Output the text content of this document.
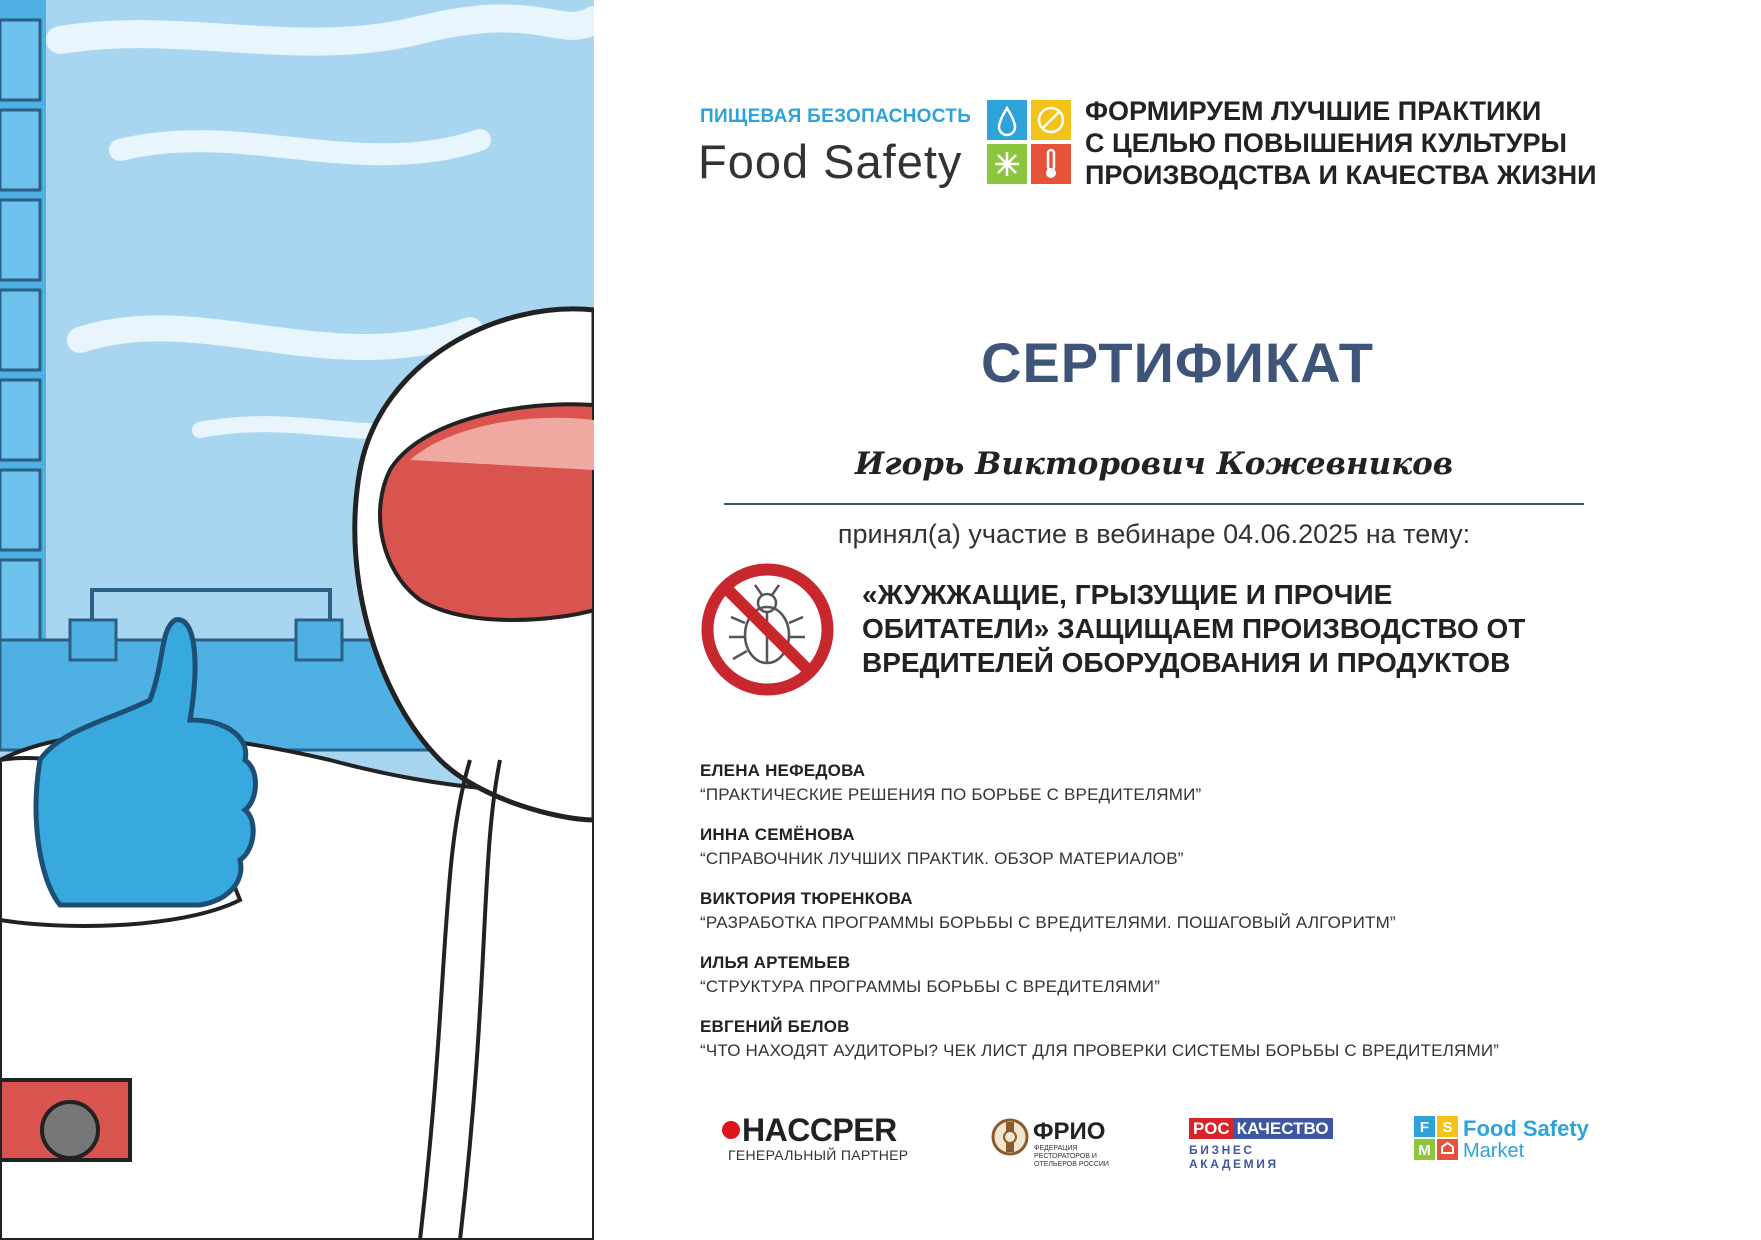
ПИЩЕВАЯ БЕЗОПАСНОСТЬ
Food Safety
ФОРМИРУЕМ ЛУЧШИЕ ПРАКТИКИ
С ЦЕЛЬЮ ПОВЫШЕНИЯ КУЛЬТУРЫ
ПРОИЗВОДСТВА И КАЧЕСТВА ЖИЗНИ
СЕРТИФИКАТ
Игорь Викторович Кожевников
принял(а) участие в вебинаре 04.06.2025 на тему:
«ЖУЖЖАЩИЕ, ГРЫЗУЩИЕ И ПРОЧИЕ
ОБИТАТЕЛИ» ЗАЩИЩАЕМ ПРОИЗВОДСТВО ОТ
ВРЕДИТЕЛЕЙ ОБОРУДОВАНИЯ И ПРОДУКТОВ
ЕЛЕНА НЕФЕДОВА
“ПРАКТИЧЕСКИЕ РЕШЕНИЯ ПО БОРЬБЕ С ВРЕДИТЕЛЯМИ”
ИННА СЕМЁНОВА
“СПРАВОЧНИК ЛУЧШИХ ПРАКТИК. ОБЗОР МАТЕРИАЛОВ”
ВИКТОРИЯ ТЮРЕНКОВА
“РАЗРАБОТКА ПРОГРАММЫ БОРЬБЫ С ВРЕДИТЕЛЯМИ. ПОШАГОВЫЙ АЛГОРИТМ”
ИЛЬЯ АРТЕМЬЕВ
“СТРУКТУРА ПРОГРАММЫ БОРЬБЫ С ВРЕДИТЕЛЯМИ”
ЕВГЕНИЙ БЕЛОВ
“ЧТО НАХОДЯТ АУДИТОРЫ? ЧЕК ЛИСТ ДЛЯ ПРОВЕРКИ СИСТЕМЫ БОРЬБЫ С ВРЕДИТЕЛЯМИ”
HACCPER
ГЕНЕРАЛЬНЫЙ ПАРТНЕР
ФРИО
ФЕДЕРАЦИЯ РЕСТОРАТОРОВ И ОТЕЛЬЕРОВ РОССИИ
РОС КАЧЕСТВО
БИЗНЕС АКАДЕМИЯ
F S
M
Food Safety
Market
